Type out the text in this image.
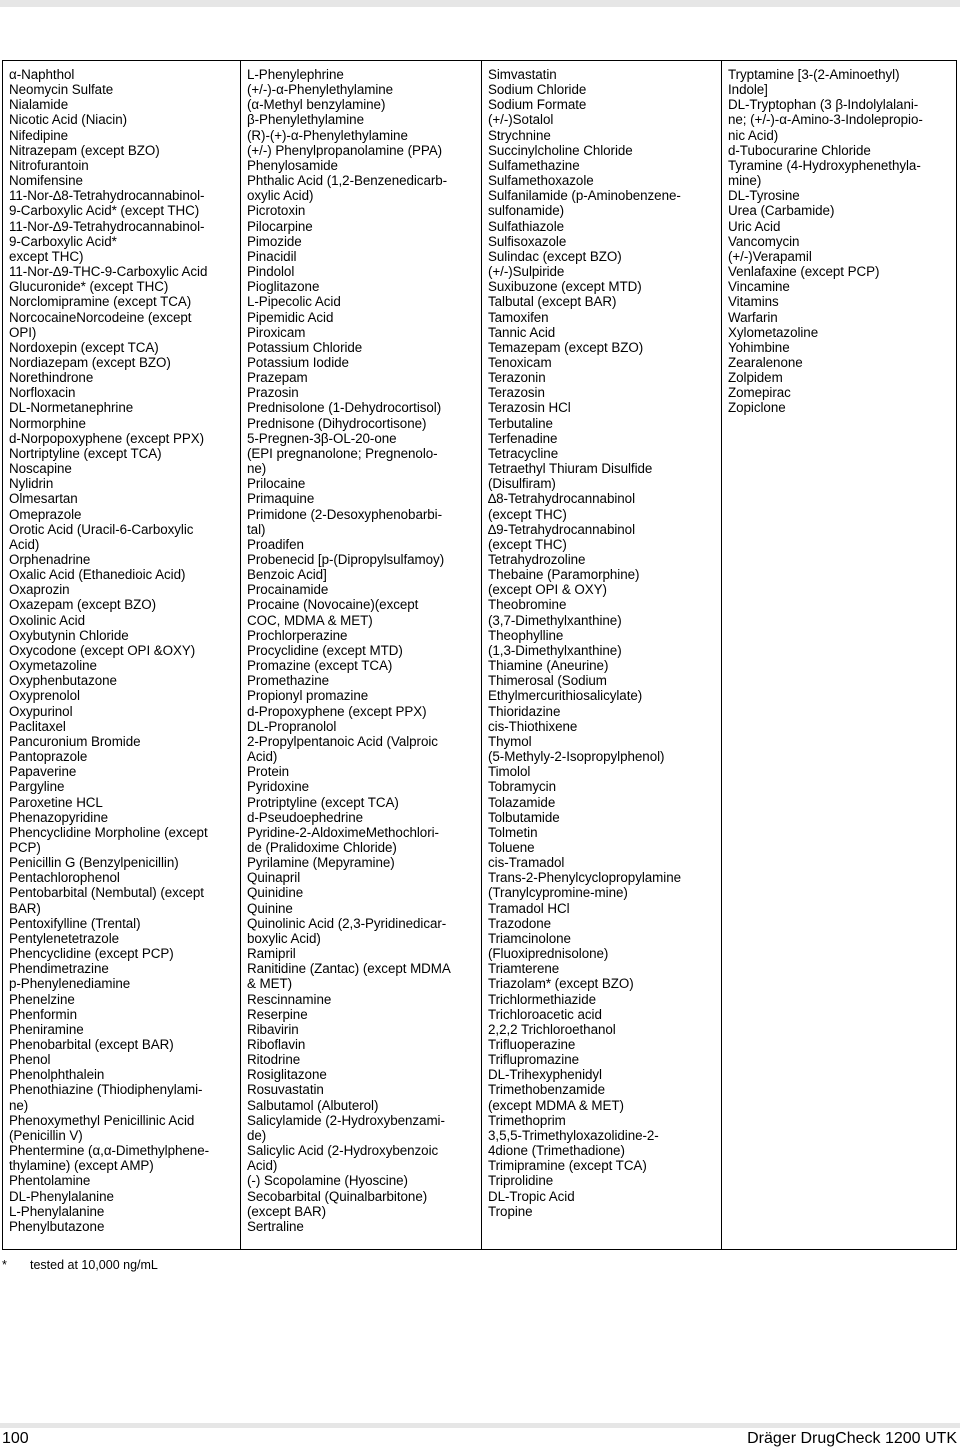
α-Naphthol
Neomycin Sulfate
Nialamide
Nicotic Acid (Niacin)
Nifedipine
Nitrazepam (except BZO)
Nitrofurantoin
Nomifensine
11-Nor-∆8-Tetrahydrocannabinol-
9-Carboxylic Acid* (except THC)
11-Nor-∆9-Tetrahydrocannabinol-
9-Carboxylic Acid*
except THC)
11-Nor-∆9-THC-9-Carboxylic Acid
Glucuronide* (except THC)
Norclomipramine (except TCA)
NorcocaineNorcodeine (except
OPI)
Nordoxepin (except TCA)
Nordiazepam (except BZO)
Norethindrone
Norfloxacin
DL-Normetanephrine
Normorphine
d-Norpopoxyphene (except PPX)
Nortriptyline (except TCA)
Noscapine
Nylidrin
Olmesartan
Omeprazole
Orotic Acid (Uracil-6-Carboxylic
Acid)
Orphenadrine
Oxalic Acid (Ethanedioic Acid)
Oxaprozin
Oxazepam (except BZO)
Oxolinic Acid
Oxybutynin Chloride
Oxycodone (except OPI &OXY)
Oxymetazoline
Oxyphenbutazone
Oxyprenolol
Oxypurinol
Paclitaxel
Pancuronium Bromide
Pantoprazole
Papaverine
Pargyline
Paroxetine HCL
Phenazopyridine
Phencyclidine Morpholine (except
PCP)
Penicillin G (Benzylpenicillin)
Pentachlorophenol
Pentobarbital (Nembutal) (except
BAR)
Pentoxifylline (Trental)
Pentylenetetrazole
Phencyclidine (except PCP)
Phendimetrazine
p-Phenylenediamine
Phenelzine
Phenformin
Pheniramine
Phenobarbital (except BAR)
Phenol
Phenolphthalein
Phenothiazine (Thiodiphenylami-
ne)
Phenoxymethyl Penicillinic Acid
(Penicillin V)
Phentermine (α,α-Dimethylphene-
thylamine) (except AMP)
Phentolamine
DL-Phenylalanine
L-Phenylalanine
Phenylbutazone
L-Phenylephrine
(+/-)-α-Phenylethylamine
(α-Methyl benzylamine)
β-Phenylethylamine
(R)-(+)-α-Phenylethylamine
(+/-) Phenylpropanolamine (PPA)
Phenylosamide
Phthalic Acid (1,2-Benzenedicarb-
oxylic Acid)
Picrotoxin
Pilocarpine
Pimozide
Pinacidil
Pindolol
Pioglitazone
L-Pipecolic Acid
Pipemidic Acid
Piroxicam
Potassium Chloride
Potassium Iodide
Prazepam
Prazosin
Prednisolone (1-Dehydrocortisol)
Prednisone (Dihydrocortisone)
5-Pregnen-3β-OL-20-one
(EPI pregnanolone; Pregnenolo-
ne)
Prilocaine
Primaquine
Primidone (2-Desoxyphenobarbi-
tal)
Proadifen
Probenecid [p-(Dipropylsulfamoy)
Benzoic Acid]
Procainamide
Procaine (Novocaine)(except
COC, MDMA & MET)
Prochlorperazine
Procyclidine (except MTD)
Promazine (except TCA)
Promethazine
Propionyl promazine
d-Propoxyphene (except PPX)
DL-Propranolol
2-Propylpentanoic Acid (Valproic
Acid)
Protein
Pyridoxine
Protriptyline (except TCA)
d-Pseudoephedrine
Pyridine-2-AldoximeMethochlori-
de (Pralidoxime Chloride)
Pyrilamine (Mepyramine)
Quinapril
Quinidine
Quinine
Quinolinic Acid (2,3-Pyridinedicar-
boxylic Acid)
Ramipril
Ranitidine (Zantac) (except MDMA
& MET)
Rescinnamine
Reserpine
Ribavirin
Riboflavin
Ritodrine
Rosiglitazone
Rosuvastatin
Salbutamol (Albuterol)
Salicylamide (2-Hydroxybenzami-
de)
Salicylic Acid (2-Hydroxybenzoic
Acid)
(-) Scopolamine (Hyoscine)
Secobarbital (Quinalbarbitone)
(except BAR)
Sertraline
Simvastatin
Sodium Chloride
Sodium Formate
(+/-)Sotalol
Strychnine
Succinylcholine Chloride
Sulfamethazine
Sulfamethoxazole
Sulfanilamide (p-Aminobenzene-
sulfonamide)
Sulfathiazole
Sulfisoxazole
Sulindac (except BZO)
(+/-)Sulpiride
Suxibuzone (except MTD)
Talbutal (except BAR)
Tamoxifen
Tannic Acid
Temazepam (except BZO)
Tenoxicam
Terazonin
Terazosin
Terazosin HCl
Terbutaline
Terfenadine
Tetracycline
Tetraethyl Thiuram Disulfide
(Disulfiram)
∆8-Tetrahydrocannabinol
(except THC)
∆9-Tetrahydrocannabinol
(except THC)
Tetrahydrozoline
Thebaine (Paramorphine)
(except OPI & OXY)
Theobromine
(3,7-Dimethylxanthine)
Theophylline
(1,3-Dimethylxanthine)
Thiamine (Aneurine)
Thimerosal (Sodium
Ethylmercurithiosalicylate)
Thioridazine
cis-Thiothixene
Thymol
(5-Methyly-2-Isopropylphenol)
Timolol
Tobramycin
Tolazamide
Tolbutamide
Tolmetin
Toluene
cis-Tramadol
Trans-2-Phenylcyclopropylamine
(Tranylcypromine-mine)
Tramadol HCl
Trazodone
Triamcinolone
(Fluoxiprednisolone)
Triamterene
Triazolam* (except BZO)
Trichlormethiazide
Trichloroacetic acid
2,2,2 Trichloroethanol
Trifluoperazine
Triflupromazine
DL-Trihexyphenidyl
Trimethobenzamide
(except MDMA & MET)
Trimethoprim
3,5,5-Trimethyloxazolidine-2-
4dione (Trimethadione)
Trimipramine (except TCA)
Triprolidine
DL-Tropic Acid
Tropine
Tryptamine [3-(2-Aminoethyl)
Indole]
DL-Tryptophan (3 β-Indolylalani-
ne; (+/-)-α-Amino-3-Indolepropio-
nic Acid)
d-Tubocurarine Chloride
Tyramine (4-Hydroxyphenethyla-
mine)
DL-Tyrosine
Urea (Carbamide)
Uric Acid
Vancomycin
(+/-)Verapamil
Venlafaxine (except PCP)
Vincamine
Vitamins
Warfarin
Xylometazoline
Yohimbine
Zearalenone
Zolpidem
Zomepirac
Zopiclone
* tested at 10,000 ng/mL
100	Dräger DrugCheck 1200 UTK
